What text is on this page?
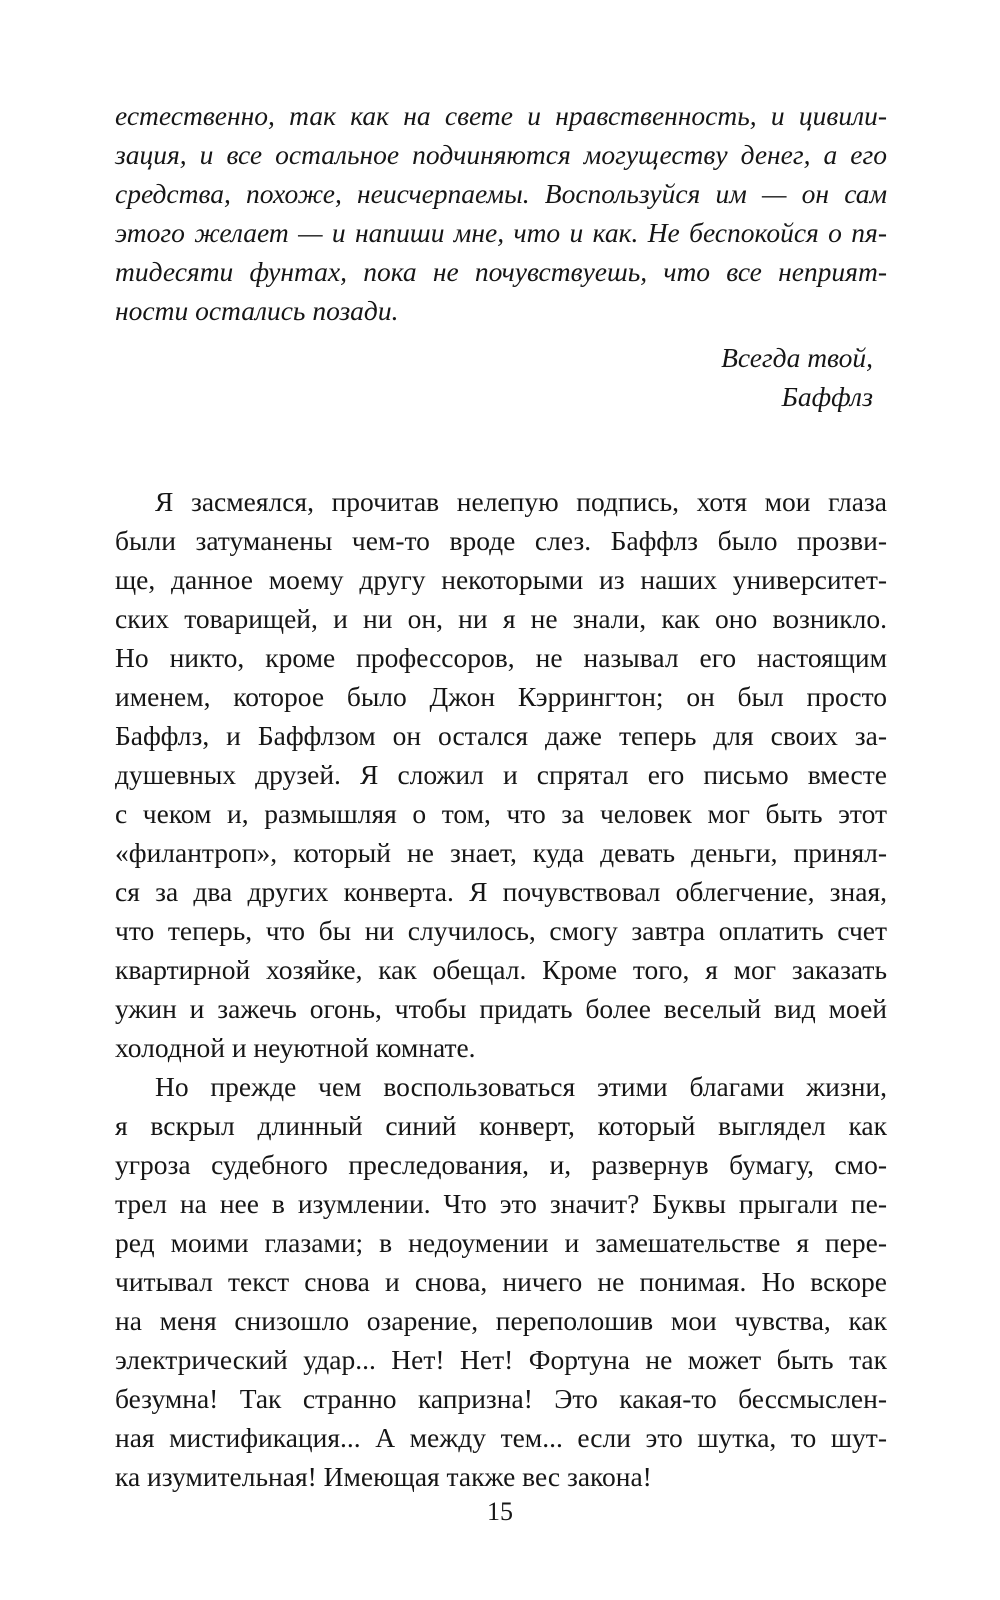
естественно, так как на свете и нравственность, и цивили-
зация, и все остальное подчиняются могуществу денег, а его
средства, похоже, неисчерпаемы. Воспользуйся им — он сам
этого желает — и напиши мне, что и как. Не беспокойся о пя-
тидесяти фунтах, пока не почувствуешь, что все неприят-
ности остались позади.
Всегда твой,
Баффлз
Я засмеялся, прочитав нелепую подпись, хотя мои глаза
были затуманены чем-то вроде слез. Баффлз было прозви-
ще, данное моему другу некоторыми из наших университет-
ских товарищей, и ни он, ни я не знали, как оно возникло.
Но никто, кроме профессоров, не называл его настоящим
именем, которое было Джон Кэррингтон; он был просто
Баффлз, и Баффлзом он остался даже теперь для своих за-
душевных друзей. Я сложил и спрятал его письмо вместе
с чеком и, размышляя о том, что за человек мог быть этот
«филантроп», который не знает, куда девать деньги, принял-
ся за два других конверта. Я почувствовал облегчение, зная,
что теперь, что бы ни случилось, смогу завтра оплатить счет
квартирной хозяйке, как обещал. Кроме того, я мог заказать
ужин и зажечь огонь, чтобы придать более веселый вид моей
холодной и неуютной комнате.
Но прежде чем воспользоваться этими благами жизни,
я вскрыл длинный синий конверт, который выглядел как
угроза судебного преследования, и, развернув бумагу, смо-
трел на нее в изумлении. Что это значит? Буквы прыгали пе-
ред моими глазами; в недоумении и замешательстве я пере-
читывал текст снова и снова, ничего не понимая. Но вскоре
на меня снизошло озарение, переполошив мои чувства, как
электрический удар... Нет! Нет! Фортуна не может быть так
безумна! Так странно капризна! Это какая-то бессмыслен-
ная мистификация... А между тем... если это шутка, то шут-
ка изумительная! Имеющая также вес закона!
15
